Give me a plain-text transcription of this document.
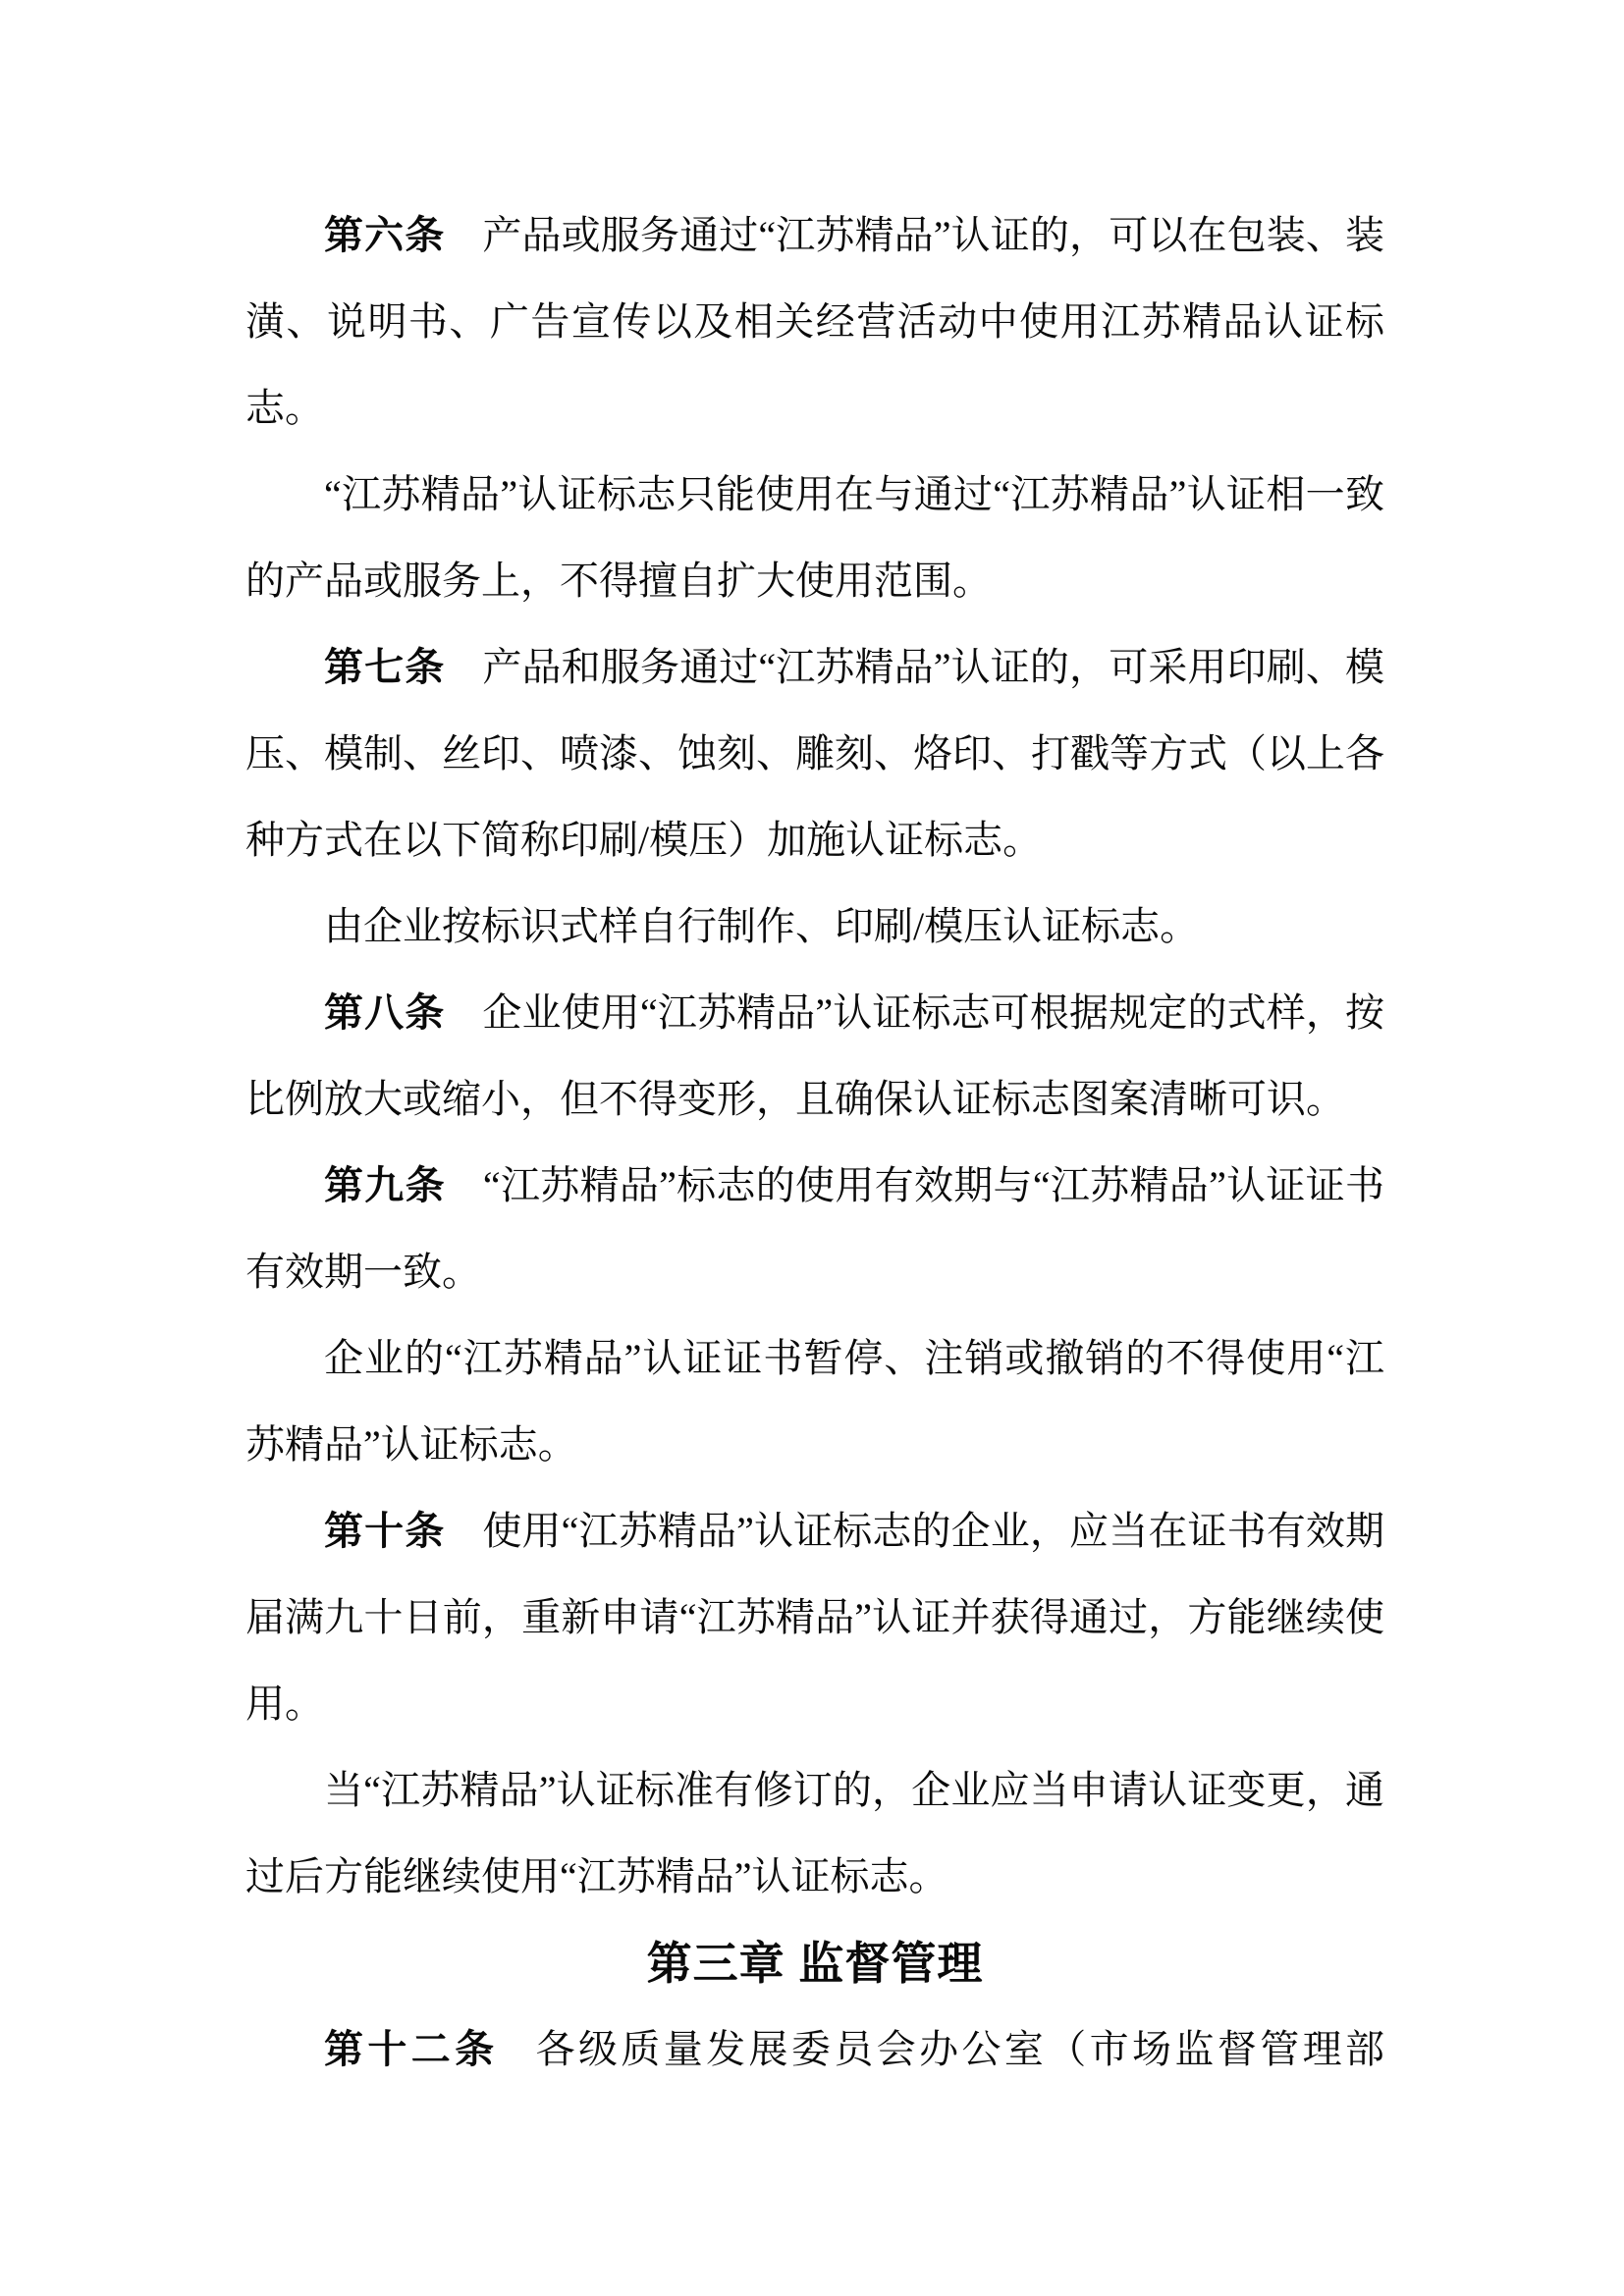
第六条 产品或服务通过“江苏精品”认证的，可以在包装、装潢、说明书、广告宣传以及相关经营活动中使用江苏精品认证标志。

“江苏精品”认证标志只能使用在与通过“江苏精品”认证相一致的产品或服务上，不得擅自扩大使用范围。

第七条 产品和服务通过“江苏精品”认证的，可采用印刷、模压、模制、丝印、喷漆、蚀刻、雕刻、烙印、打戳等方式（以上各种方式在以下简称印刷/模压）加施认证标志。

由企业按标识式样自行制作、印刷/模压认证标志。

第八条 企业使用“江苏精品”认证标志可根据规定的式样，按比例放大或缩小，但不得变形，且确保认证标志图案清晰可识。

第九条 “江苏精品”标志的使用有效期与“江苏精品”认证证书有效期一致。

企业的“江苏精品”认证证书暂停、注销或撤销的不得使用“江苏精品”认证标志。

第十条 使用“江苏精品”认证标志的企业，应当在证书有效期届满九十日前，重新申请“江苏精品”认证并获得通过，方能继续使用。

当“江苏精品”认证标准有修订的，企业应当申请认证变更，通过后方能继续使用“江苏精品”认证标志。

第三章 监督管理

第十二条 各级质量发展委员会办公室（市场监督管理部
